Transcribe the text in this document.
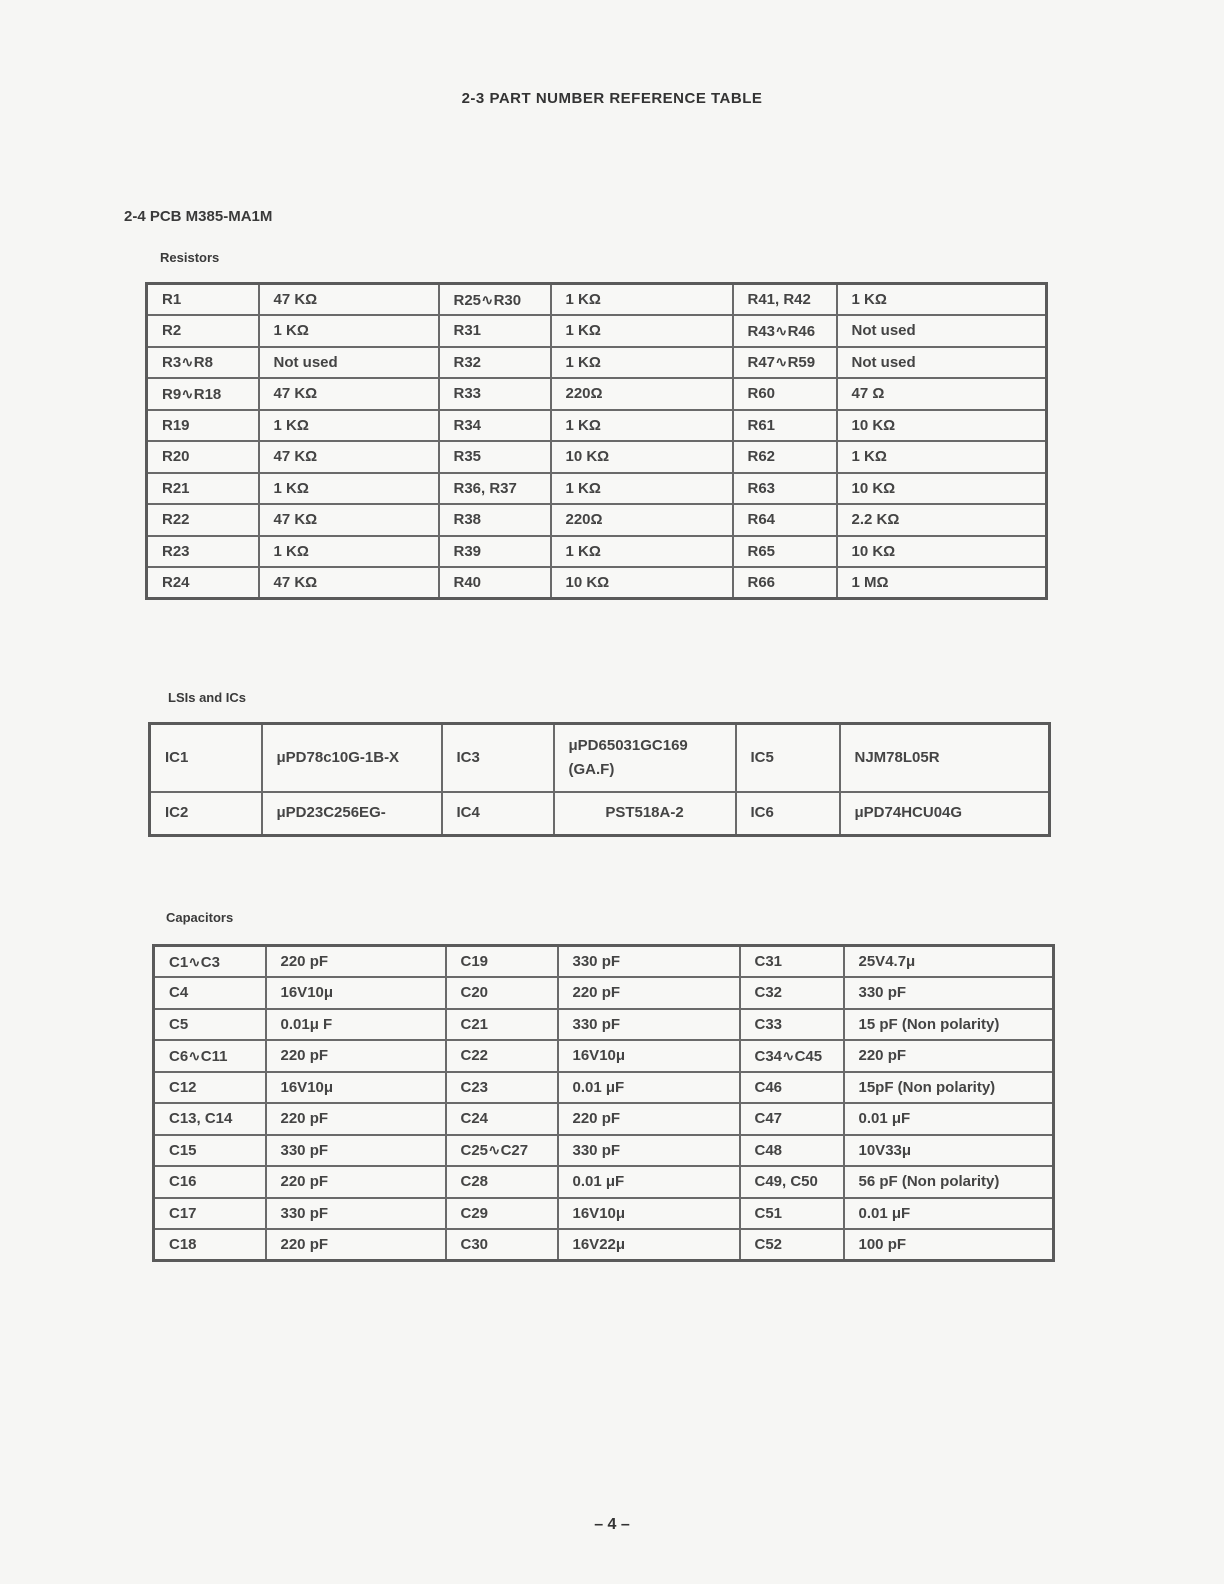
2-3 PART NUMBER REFERENCE TABLE
2-4 PCB M385-MA1M
Resistors
R1	47 KΩ	R25∿R30	1 KΩ	R41, R42	1 KΩ
R2	1 KΩ	R31	1 KΩ	R43∿R46	Not used
R3∿R8	Not used	R32	1 KΩ	R47∿R59	Not used
R9∿R18	47 KΩ	R33	220Ω	R60	47 Ω
R19	1 KΩ	R34	1 KΩ	R61	10 KΩ
R20	47 KΩ	R35	10 KΩ	R62	1 KΩ
R21	1 KΩ	R36, R37	1 KΩ	R63	10 KΩ
R22	47 KΩ	R38	220Ω	R64	2.2 KΩ
R23	1 KΩ	R39	1 KΩ	R65	10 KΩ
R24	47 KΩ	R40	10 KΩ	R66	1 MΩ
LSIs and ICs
IC1	μPD78c10G-1B-X	IC3	μPD65031GC169 (GA.F)	IC5	NJM78L05R
IC2	μPD23C256EG-	IC4	PST518A-2	IC6	μPD74HCU04G
Capacitors
C1∿C3	220 pF	C19	330 pF	C31	25V4.7μ
C4	16V10μ	C20	220 pF	C32	330 pF
C5	0.01μ F	C21	330 pF	C33	15 pF (Non polarity)
C6∿C11	220 pF	C22	16V10μ	C34∿C45	220 pF
C12	16V10μ	C23	0.01 μF	C46	15pF (Non polarity)
C13, C14	220 pF	C24	220 pF	C47	0.01 μF
C15	330 pF	C25∿C27	330 pF	C48	10V33μ
C16	220 pF	C28	0.01 μF	C49, C50	56 pF (Non polarity)
C17	330 pF	C29	16V10μ	C51	0.01 μF
C18	220 pF	C30	16V22μ	C52	100 pF
– 4 –
